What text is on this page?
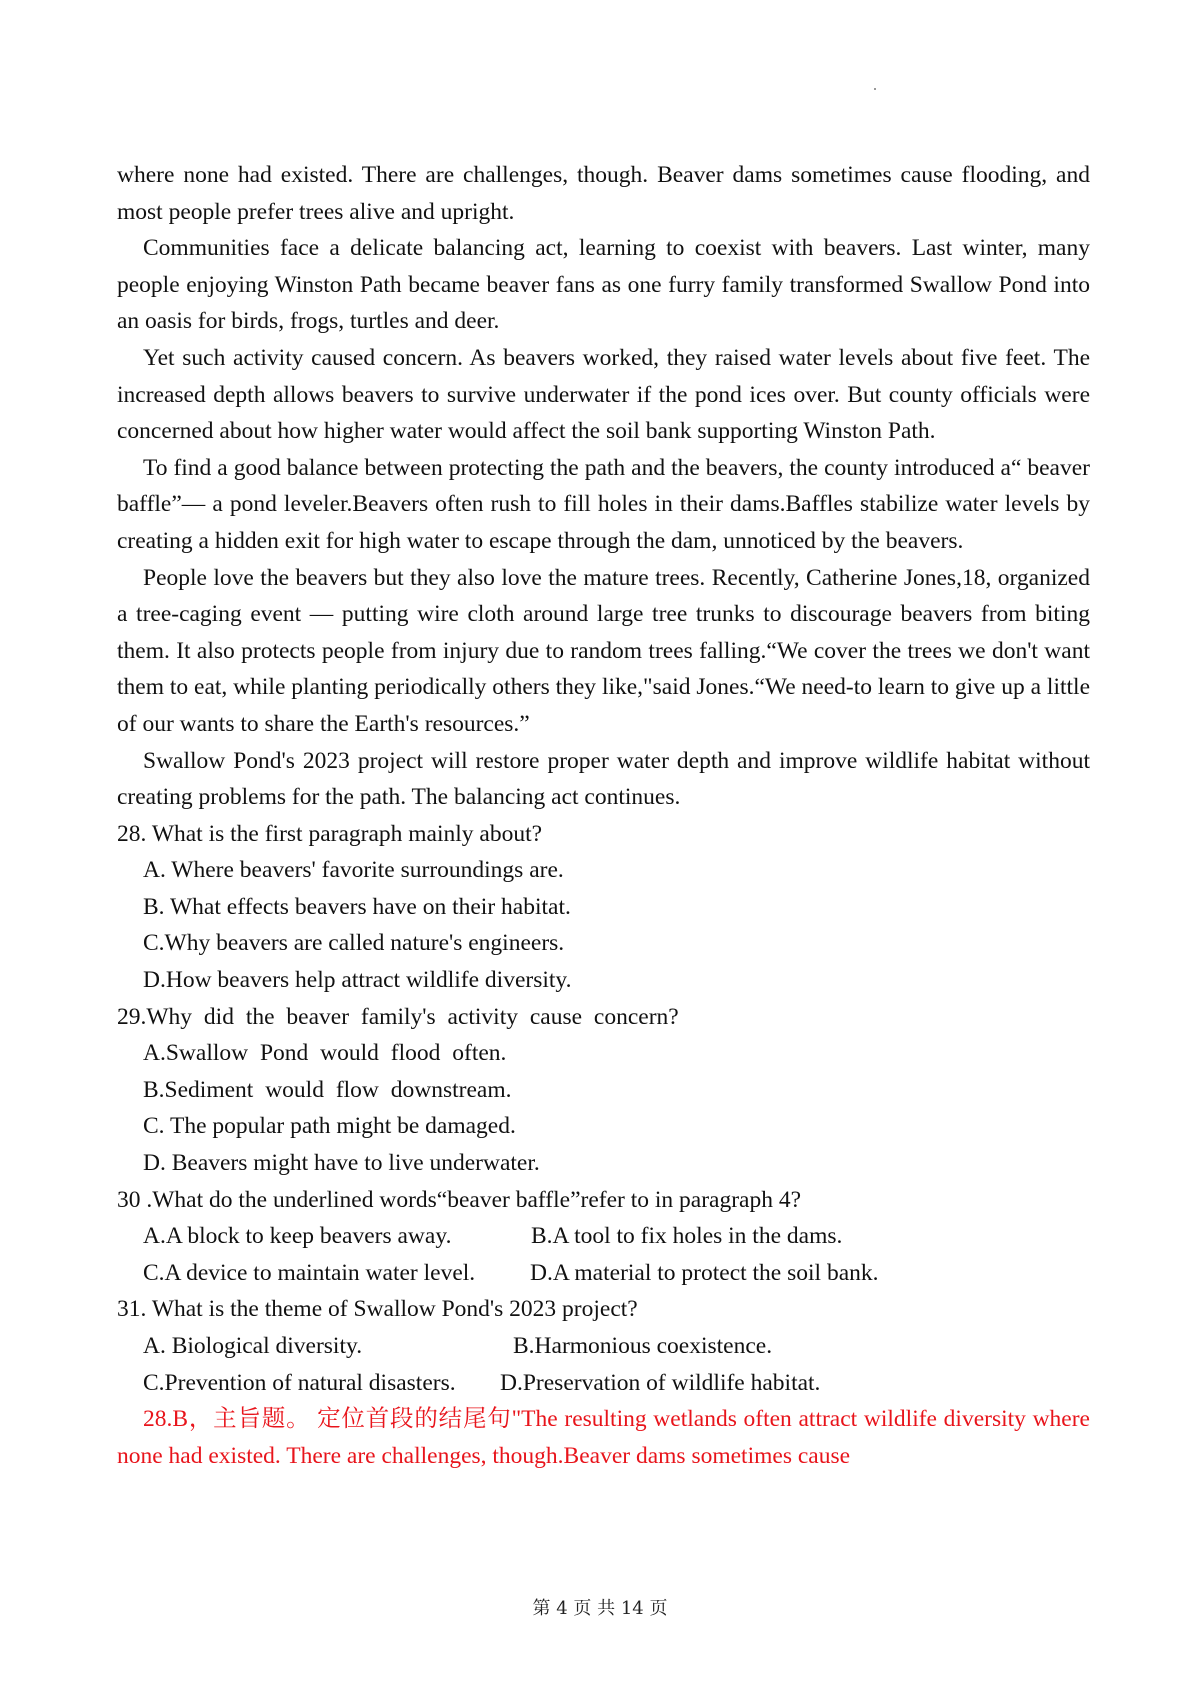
where none had existed. There are challenges, though. Beaver dams sometimes cause flooding, and most people prefer trees alive and upright.

Communities face a delicate balancing act, learning to coexist with beavers. Last winter, many people enjoying Winston Path became beaver fans as one furry family transformed Swallow Pond into an oasis for birds, frogs, turtles and deer.

Yet such activity caused concern. As beavers worked, they raised water levels about five feet. The increased depth allows beavers to survive underwater if the pond ices over. But county officials were concerned about how higher water would affect the soil bank supporting Winston Path.

To find a good balance between protecting the path and the beavers, the county introduced a“ beaver baffle”— a pond leveler.Beavers often rush to fill holes in their dams.Baffles stabilize water levels by creating a hidden exit for high water to escape through the dam, unnoticed by the beavers.

People love the beavers but they also love the mature trees. Recently, Catherine Jones,18, organized a tree-caging event — putting wire cloth around large tree trunks to discourage beavers from biting them. It also protects people from injury due to random trees falling.“We cover the trees we don't want them to eat, while planting periodically others they like,"said Jones.“We need-to learn to give up a little of our wants to share the Earth's resources.”

Swallow Pond's 2023 project will restore proper water depth and improve wildlife habitat without creating problems for the path. The balancing act continues.

28. What is the first paragraph mainly about?

A. Where beavers' favorite surroundings are.

B. What effects beavers have on their habitat.

C.Why beavers are called nature's engineers.

D.How beavers help attract wildlife diversity.

29.Why did the beaver family's activity cause concern?

A.Swallow Pond would flood often.

B.Sediment would flow downstream.

C. The popular path might be damaged.

D. Beavers might have to live underwater.

30 .What do the underlined words“beaver baffle”refer to in paragraph 4?

A.A block to keep beavers away.	B.A tool to fix holes in the dams.

C.A device to maintain water level. D.A material to protect the soil bank.

31. What is the theme of Swallow Pond's 2023 project?

A. Biological diversity.	B.Harmonious coexistence.

C.Prevention of natural disasters. D.Preservation of wildlife habitat.

28.B，主旨题。 定位首段的结尾句"The resulting wetlands often attract wildlife diversity where none had existed. There are challenges, though.Beaver dams sometimes cause

第 4 页 共 14 页
